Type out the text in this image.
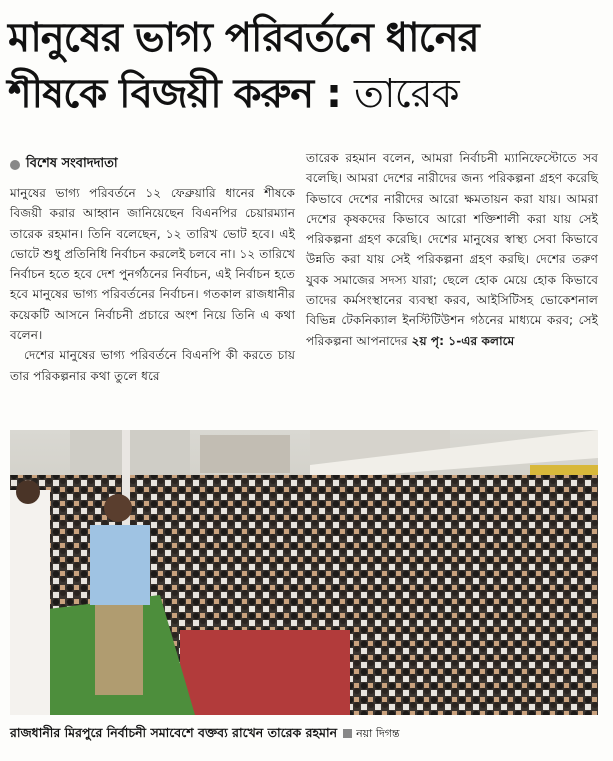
মানুষের ভাগ্য পরিবর্তনে ধানের
শীষকে বিজয়ী করুন : তারেক
বিশেষ সংবাদদাতা

মানুষের ভাগ্য পরিবর্তনে ১২ ফেব্রুয়ারি ধানের শীষকে বিজয়ী করার আহ্বান জানিয়েছেন বিএনপির চেয়ারম্যান তারেক রহমান। তিনি বলেছেন, ১২ তারিখ ভোট হবে। এই ভোটে শুধু প্রতিনিধি নির্বাচন করলেই চলবে না। ১২ তারিখে নির্বাচন হতে হবে দেশ পুনর্গঠনের নির্বাচন, এই নির্বাচন হতে হবে মানুষের ভাগ্য পরিবর্তনের নির্বাচন। গতকাল রাজধানীর কয়েকটি আসনে নির্বাচনী প্রচারে অংশ নিয়ে তিনি এ কথা বলেন।

দেশের মানুষের ভাগ্য পরিবর্তনে বিএনপি কী করতে চায় তার পরিকল্পনার কথা তুলে ধরে

তারেক রহমান বলেন, আমরা নির্বাচনী ম্যানিফেস্টোতে সব বলেছি। আমরা দেশের নারীদের জন্য পরিকল্পনা গ্রহণ করেছি কিভাবে দেশের নারীদের আরো ক্ষমতায়ন করা যায়। আমরা দেশের কৃষকদের কিভাবে আরো শক্তিশালী করা যায় সেই পরিকল্পনা গ্রহণ করেছি। দেশের মানুষের স্বাস্থ্য সেবা কিভাবে উন্নতি করা যায় সেই পরিকল্পনা গ্রহণ করছি। দেশের তরুণ যুবক সমাজের সদস্য যারা; ছেলে হোক মেয়ে হোক কিভাবে তাদের কর্মসংস্থানের ব্যবস্থা করব, আইসিটিসহ ভোকেশনাল বিভিন্ন টেকনিক্যাল ইনস্টিটিউশন গঠনের মাধ্যমে করব; সেই পরিকল্পনা আপনাদের ২য় পৃ: ১-এর কলামে

রাজধানীর মিরপুরে নির্বাচনী সমাবেশে বক্তব্য রাখেন তারেক রহমান নয়া দিগন্ত
